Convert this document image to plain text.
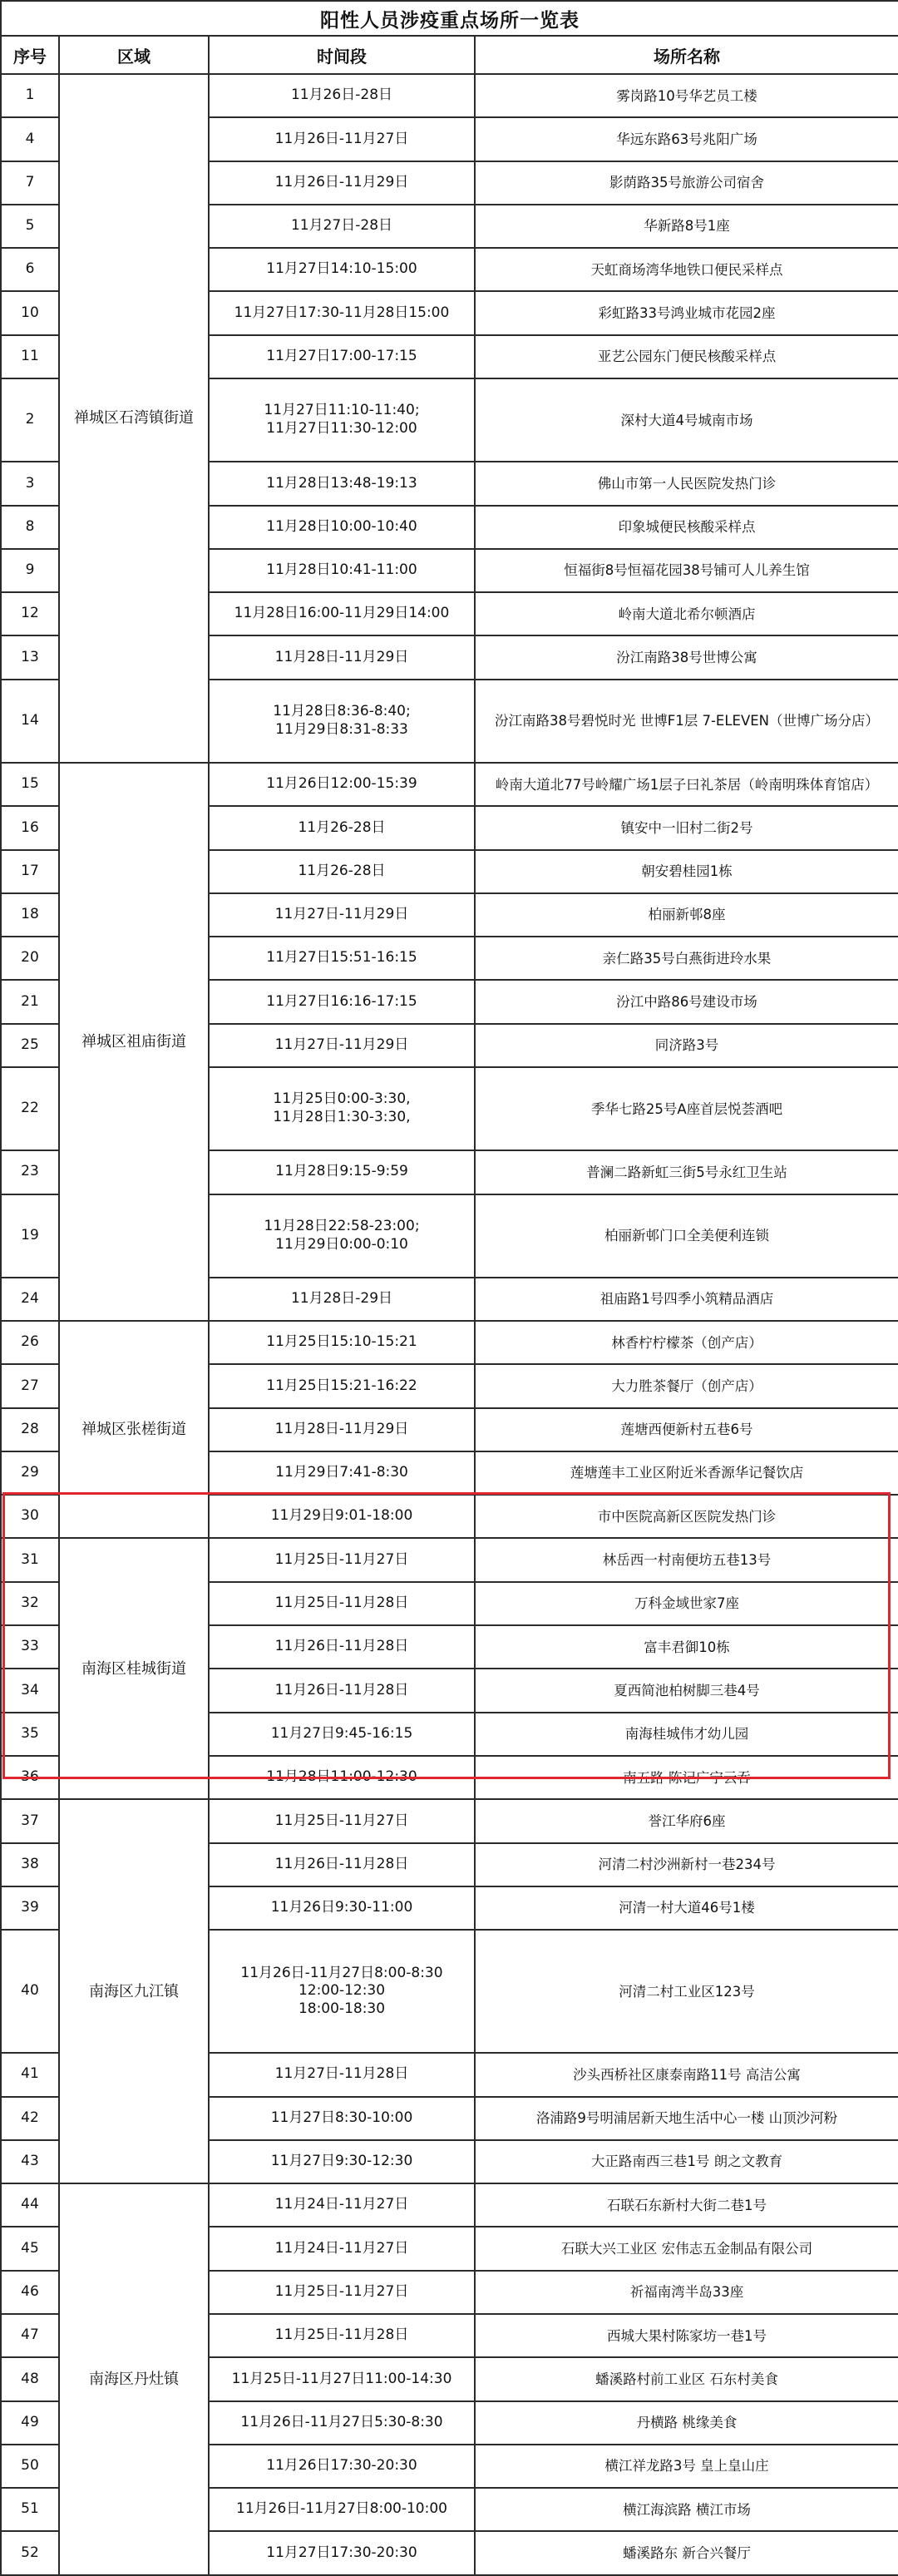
阳性人员涉疫重点场所一览表			
序号	区域	时间段	场所名称
1	禅城区石湾镇街道	11月26日-28日	雾岗路10号华艺员工楼
4		11月26日-11月27日	华远东路63号兆阳广场
7		11月26日-11月29日	影荫路35号旅游公司宿舍
5		11月27日-28日	华新路8号1座
6		11月27日14:10-15:00	天虹商场湾华地铁口便民采样点
10		11月27日17:30-11月28日15:00	彩虹路33号鸿业城市花园2座
11		11月27日17:00-17:15	亚艺公园东门便民核酸采样点
2		11月27日11:10-11:40;
11月27日11:30-12:00	深村大道4号城南市场
3		11月28日13:48-19:13	佛山市第一人民医院发热门诊
8		11月28日10:00-10:40	印象城便民核酸采样点
9		11月28日10:41-11:00	恒福街8号恒福花园38号铺可人儿养生馆
12		11月28日16:00-11月29日14:00	岭南大道北希尔顿酒店
13		11月28日-11月29日	汾江南路38号世博公寓
14		11月28日8:36-8:40;
11月29日8:31-8:33	汾江南路38号碧悦时光 世博F1层 7-ELEVEN（世博广场分店）
15	禅城区祖庙街道	11月26日12:00-15:39	岭南大道北77号岭耀广场1层子曰礼茶居（岭南明珠体育馆店）
16		11月26-28日	镇安中一旧村二街2号
17		11月26-28日	朝安碧桂园1栋
18		11月27日-11月29日	柏丽新邨8座
20		11月27日15:51-16:15	亲仁路35号白燕街进玲水果
21		11月27日16:16-17:15	汾江中路86号建设市场
25		11月27日-11月29日	同济路3号
22		11月25日0:00-3:30,
11月28日1:30-3:30,	季华七路25号A座首层悦荟酒吧
23		11月28日9:15-9:59	普澜二路新虹三街5号永红卫生站
19		11月28日22:58-23:00;
11月29日0:00-0:10	柏丽新邨门口全美便利连锁
24		11月28日-29日	祖庙路1号四季小筑精品酒店
26	禅城区张槎街道	11月25日15:10-15:21	林香柠柠檬茶（创产店）
27		11月25日15:21-16:22	大力胜茶餐厅（创产店）
28		11月28日-11月29日	莲塘西便新村五巷6号
29		11月29日7:41-8:30	莲塘莲丰工业区附近米香源华记餐饮店
30		11月29日9:01-18:00	市中医院高新区医院发热门诊
31	南海区桂城街道	11月25日-11月27日	林岳西一村南便坊五巷13号
32		11月25日-11月28日	万科金域世家7座
33		11月26日-11月28日	富丰君御10栋
34		11月26日-11月28日	夏西简池柏树脚三巷4号
35		11月27日9:45-16:15	南海桂城伟才幼儿园
36		11月28日11:00-12:30	南五路 陈记广宁云吞
37	南海区九江镇	11月25日-11月27日	誉江华府6座
38		11月26日-11月28日	河清二村沙洲新村一巷234号
39		11月26日9:30-11:00	河清一村大道46号1楼
40		11月26日-11月27日8:00-8:30
12:00-12:30
18:00-18:30	河清二村工业区123号
41		11月27日-11月28日	沙头西桥社区康泰南路11号 高洁公寓
42		11月27日8:30-10:00	洛浦路9号明浦居新天地生活中心一楼 山顶沙河粉
43		11月27日9:30-12:30	大正路南西三巷1号 朗之文教育
44	南海区丹灶镇	11月24日-11月27日	石联石东新村大街二巷1号
45		11月24日-11月27日	石联大兴工业区 宏伟志五金制品有限公司
46		11月25日-11月27日	祈福南湾半岛33座
47		11月25日-11月28日	西城大果村陈家坊一巷1号
48		11月25日-11月27日11:00-14:30	蟠溪路村前工业区 石东村美食
49		11月26日-11月27日5:30-8:30	丹横路 桃缘美食
50		11月26日17:30-20:30	横江祥龙路3号 皇上皇山庄
51		11月26日-11月27日8:00-10:00	横江海滨路 横江市场
52		11月27日17:30-20:30	蟠溪路东 新合兴餐厅
